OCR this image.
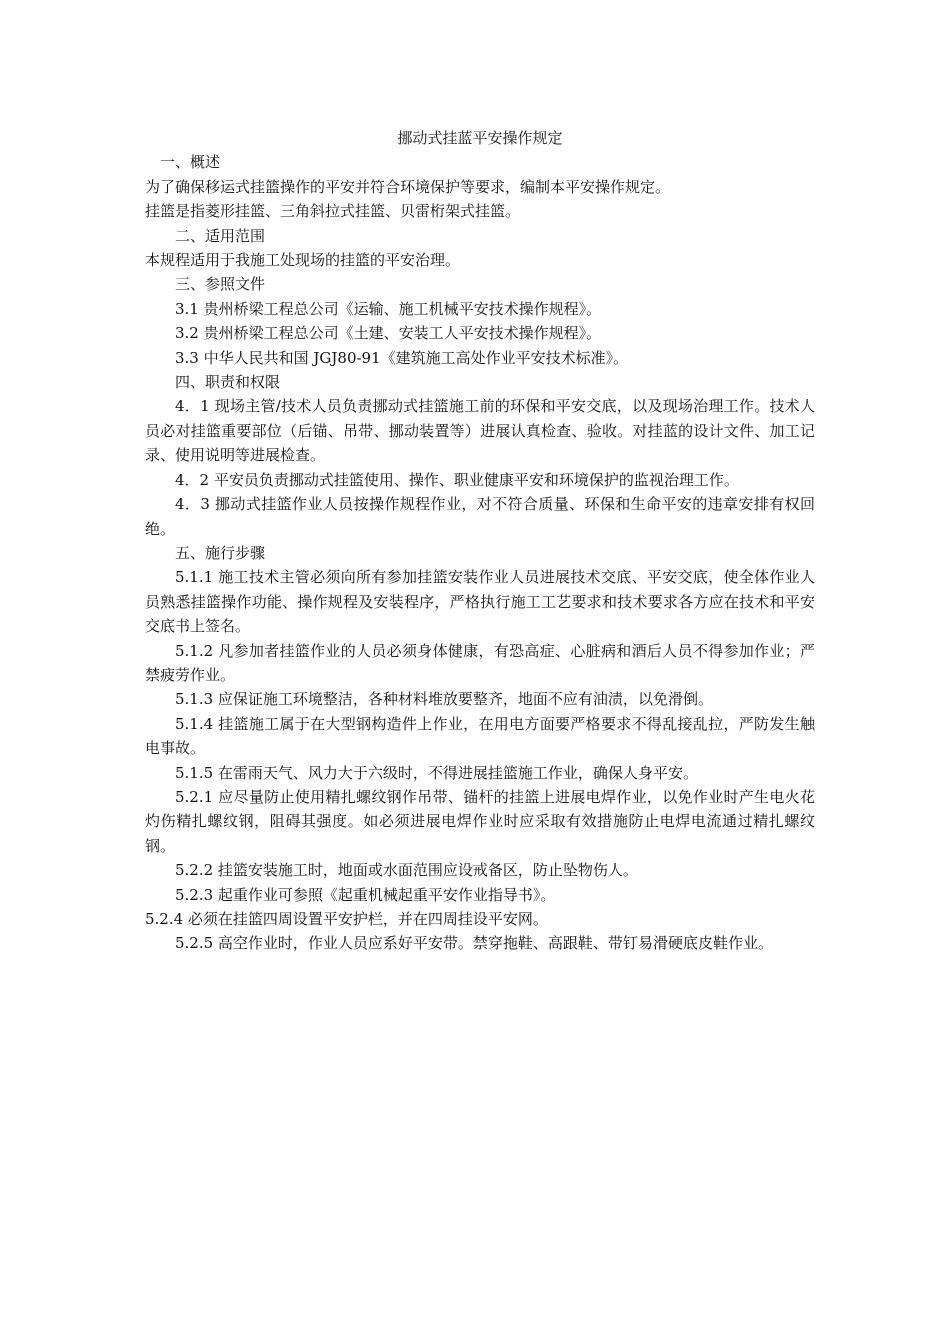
挪动式挂蓝平安操作规定

一、概述

为了确保移运式挂篮操作的平安并符合环境保护等要求，编制本平安操作规定。

挂篮是指菱形挂篮、三角斜拉式挂篮、贝雷桁架式挂篮。

二、适用范围

本规程适用于我施工处现场的挂篮的平安治理。

三、参照文件

3.1 贵州桥梁工程总公司《运输、施工机械平安技术操作规程》。

3.2 贵州桥梁工程总公司《土建、安装工人平安技术操作规程》。

3.3 中华人民共和国 JGJ80-91《建筑施工高处作业平安技术标准》。

四、职责和权限

4．1 现场主管/技术人员负责挪动式挂篮施工前的环保和平安交底，以及现场治理工作。技术人员必对挂篮重要部位（后锚、吊带、挪动装置等）进展认真检查、验收。对挂蓝的设计文件、加工记录、使用说明等进展检查。

4．2 平安员负责挪动式挂篮使用、操作、职业健康平安和环境保护的监视治理工作。

4．3 挪动式挂篮作业人员按操作规程作业，对不符合质量、环保和生命平安的违章安排有权回绝。

五、施行步骤

5.1.1 施工技术主管必须向所有参加挂篮安装作业人员进展技术交底、平安交底，使全体作业人员熟悉挂篮操作功能、操作规程及安装程序，严格执行施工工艺要求和技术要求各方应在技术和平安交底书上签名。

5.1.2 凡参加者挂篮作业的人员必须身体健康，有恐高症、心脏病和酒后人员不得参加作业；严禁疲劳作业。

5.1.3 应保证施工环境整洁，各种材料堆放要整齐，地面不应有油渍，以免滑倒。

5.1.4 挂篮施工属于在大型钢构造件上作业，在用电方面要严格要求不得乱接乱拉，严防发生触电事故。

5.1.5 在雷雨天气、风力大于六级时，不得进展挂篮施工作业，确保人身平安。

5.2.1 应尽量防止使用精扎螺纹钢作吊带、锚杆的挂篮上进展电焊作业，以免作业时产生电火花灼伤精扎螺纹钢，阻碍其强度。如必须进展电焊作业时应采取有效措施防止电焊电流通过精扎螺纹钢。

5.2.2 挂篮安装施工时，地面或水面范围应设戒备区，防止坠物伤人。

5.2.3 起重作业可参照《起重机械起重平安作业指导书》。

5.2.4 必须在挂篮四周设置平安护栏，并在四周挂设平安网。

5.2.5 高空作业时，作业人员应系好平安带。禁穿拖鞋、高跟鞋、带钉易滑硬底皮鞋作业。
